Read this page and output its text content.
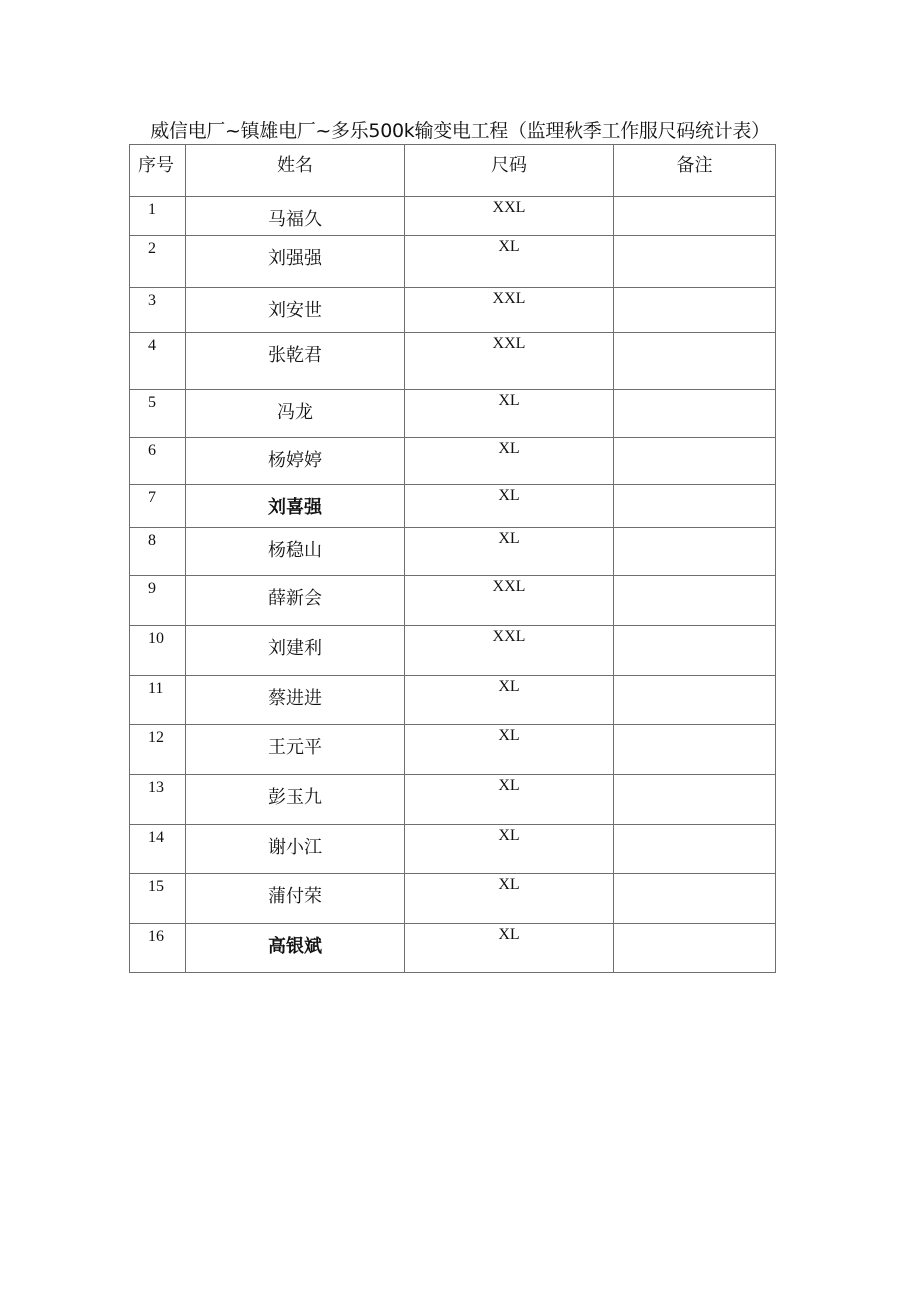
威信电厂~镇雄电厂~多乐500k输变电工程（监理秋季工作服尺码统计表）
序号	姓名	尺码	备注
1	马福久	XXL	
2	刘强强	XL	
3	刘安世	XXL	
4	张乾君	XXL	
5	冯龙	XL	
6	杨婷婷	XL	
7	刘喜强	XL	
8	杨稳山	XL	
9	薛新会	XXL	
10	刘建利	XXL	
11	蔡进进	XL	
12	王元平	XL	
13	彭玉九	XL	
14	谢小江	XL	
15	蒲付荣	XL	
16	高银斌	XL	
